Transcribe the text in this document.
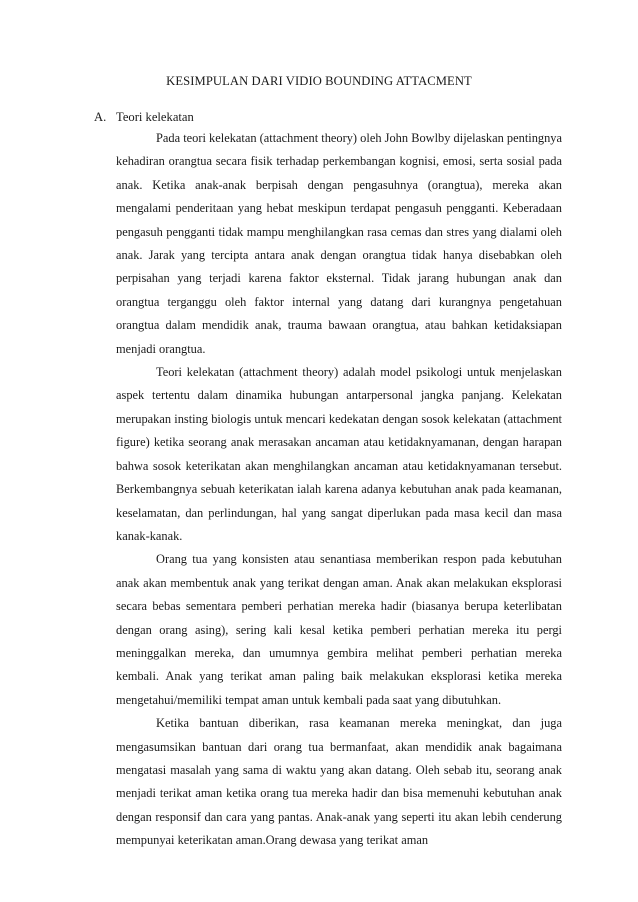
KESIMPULAN DARI VIDIO BOUNDING ATTACMENT
A. Teori kelekatan

Pada teori kelekatan (attachment theory) oleh John Bowlby dijelaskan pentingnya kehadiran orangtua secara fisik terhadap perkembangan kognisi, emosi, serta sosial pada anak. Ketika anak-anak berpisah dengan pengasuhnya (orangtua), mereka akan mengalami penderitaan yang hebat meskipun terdapat pengasuh pengganti. Keberadaan pengasuh pengganti tidak mampu menghilangkan rasa cemas dan stres yang dialami oleh anak. Jarak yang tercipta antara anak dengan orangtua tidak hanya disebabkan oleh perpisahan yang terjadi karena faktor eksternal. Tidak jarang hubungan anak dan orangtua terganggu oleh faktor internal yang datang dari kurangnya pengetahuan orangtua dalam mendidik anak, trauma bawaan orangtua, atau bahkan ketidaksiapan menjadi orangtua.

Teori kelekatan (attachment theory) adalah model psikologi untuk menjelaskan aspek tertentu dalam dinamika hubungan antarpersonal jangka panjang. Kelekatan merupakan insting biologis untuk mencari kedekatan dengan sosok kelekatan (attachment figure) ketika seorang anak merasakan ancaman atau ketidaknyamanan, dengan harapan bahwa sosok keterikatan akan menghilangkan ancaman atau ketidaknyamanan tersebut. Berkembangnya sebuah keterikatan ialah karena adanya kebutuhan anak pada keamanan, keselamatan, dan perlindungan, hal yang sangat diperlukan pada masa kecil dan masa kanak-kanak.

Orang tua yang konsisten atau senantiasa memberikan respon pada kebutuhan anak akan membentuk anak yang terikat dengan aman. Anak akan melakukan eksplorasi secara bebas sementara pemberi perhatian mereka hadir (biasanya berupa keterlibatan dengan orang asing), sering kali kesal ketika pemberi perhatian mereka itu pergi meninggalkan mereka, dan umumnya gembira melihat pemberi perhatian mereka kembali. Anak yang terikat aman paling baik melakukan eksplorasi ketika mereka mengetahui/memiliki tempat aman untuk kembali pada saat yang dibutuhkan.

Ketika bantuan diberikan, rasa keamanan mereka meningkat, dan juga mengasumsikan bantuan dari orang tua bermanfaat, akan mendidik anak bagaimana mengatasi masalah yang sama di waktu yang akan datang. Oleh sebab itu, seorang anak menjadi terikat aman ketika orang tua mereka hadir dan bisa memenuhi kebutuhan anak dengan responsif dan cara yang pantas. Anak-anak yang seperti itu akan lebih cenderung mempunyai keterikatan aman.Orang dewasa yang terikat aman
